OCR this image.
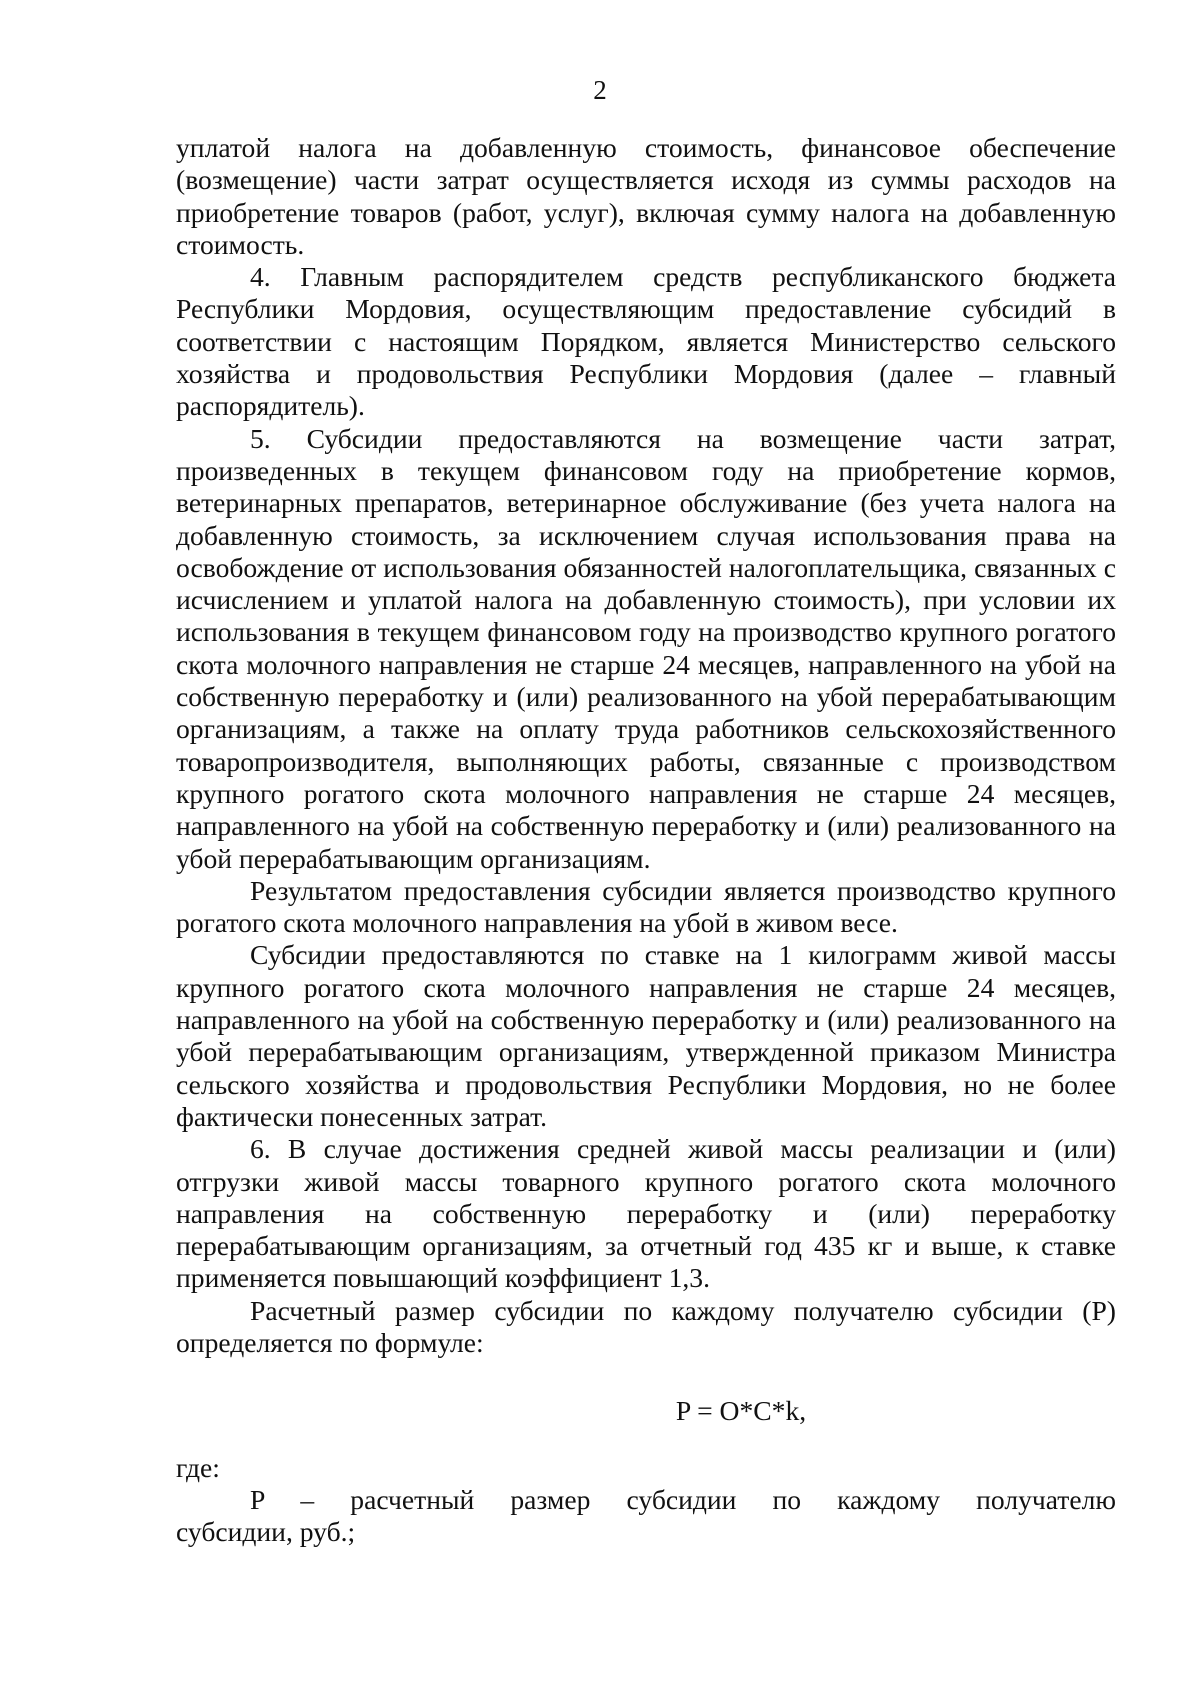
2

уплатой налога на добавленную стоимость, финансовое обеспечение (возмещение) части затрат осуществляется исходя из суммы расходов на приобретение товаров (работ, услуг), включая сумму налога на добавленную стоимость.

4. Главным распорядителем средств республиканского бюджета Республики Мордовия, осуществляющим предоставление субсидий в соответствии с настоящим Порядком, является Министерство сельского хозяйства и продовольствия Республики Мордовия (далее – главный распорядитель).

5. Субсидии предоставляются на возмещение части затрат, произведенных в текущем финансовом году на приобретение кормов, ветеринарных препаратов, ветеринарное обслуживание (без учета налога на добавленную стоимость, за исключением случая использования права на освобождение от использования обязанностей налогоплательщика, связанных с исчислением и уплатой налога на добавленную стоимость), при условии их использования в текущем финансовом году на производство крупного рогатого скота молочного направления не старше 24 месяцев, направленного на убой на собственную переработку и (или) реализованного на убой перерабатывающим организациям, а также на оплату труда работников сельскохозяйственного товаропроизводителя, выполняющих работы, связанные с производством крупного рогатого скота молочного направления не старше 24 месяцев, направленного на убой на собственную переработку и (или) реализованного на убой перерабатывающим организациям.

Результатом предоставления субсидии является производство крупного рогатого скота молочного направления на убой в живом весе.

Субсидии предоставляются по ставке на 1 килограмм живой массы крупного рогатого скота молочного направления не старше 24 месяцев, направленного на убой на собственную переработку и (или) реализованного на убой перерабатывающим организациям, утвержденной приказом Министра сельского хозяйства и продовольствия Республики Мордовия, но не более фактически понесенных затрат.

6. В случае достижения средней живой массы реализации и (или) отгрузки живой массы товарного крупного рогатого скота молочного направления на собственную переработку и (или) переработку перерабатывающим организациям, за отчетный год 435 кг и выше, к ставке применяется повышающий коэффициент 1,3.

Расчетный размер субсидии по каждому получателю субсидии (P) определяется по формуле:

P = O*C*k,

где:

P – расчетный размер субсидии по каждому получателю

субсидии, руб.;
